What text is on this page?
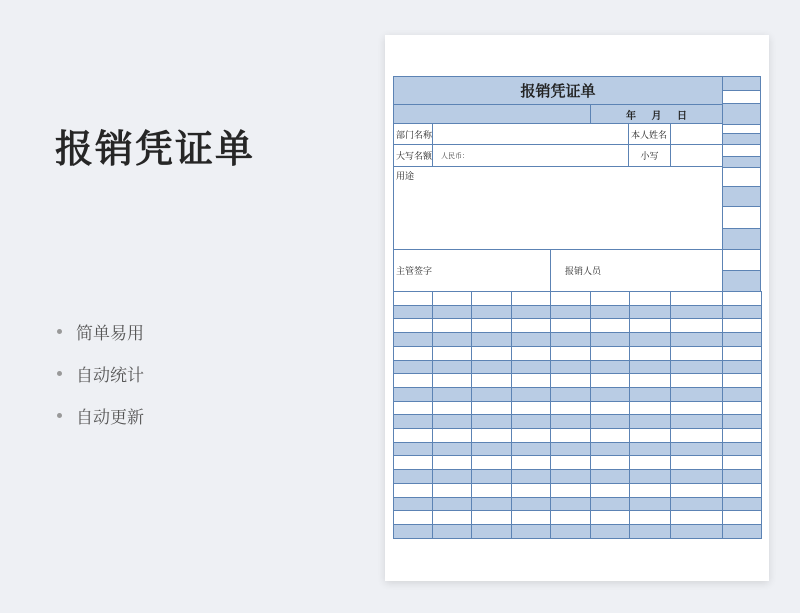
报销凭证单
简单易用
自动统计
自动更新
报销凭证单
年 月 日
部门名称	本人姓名
大写名额	人民币：	小写
用途
主管签字	报销人员
